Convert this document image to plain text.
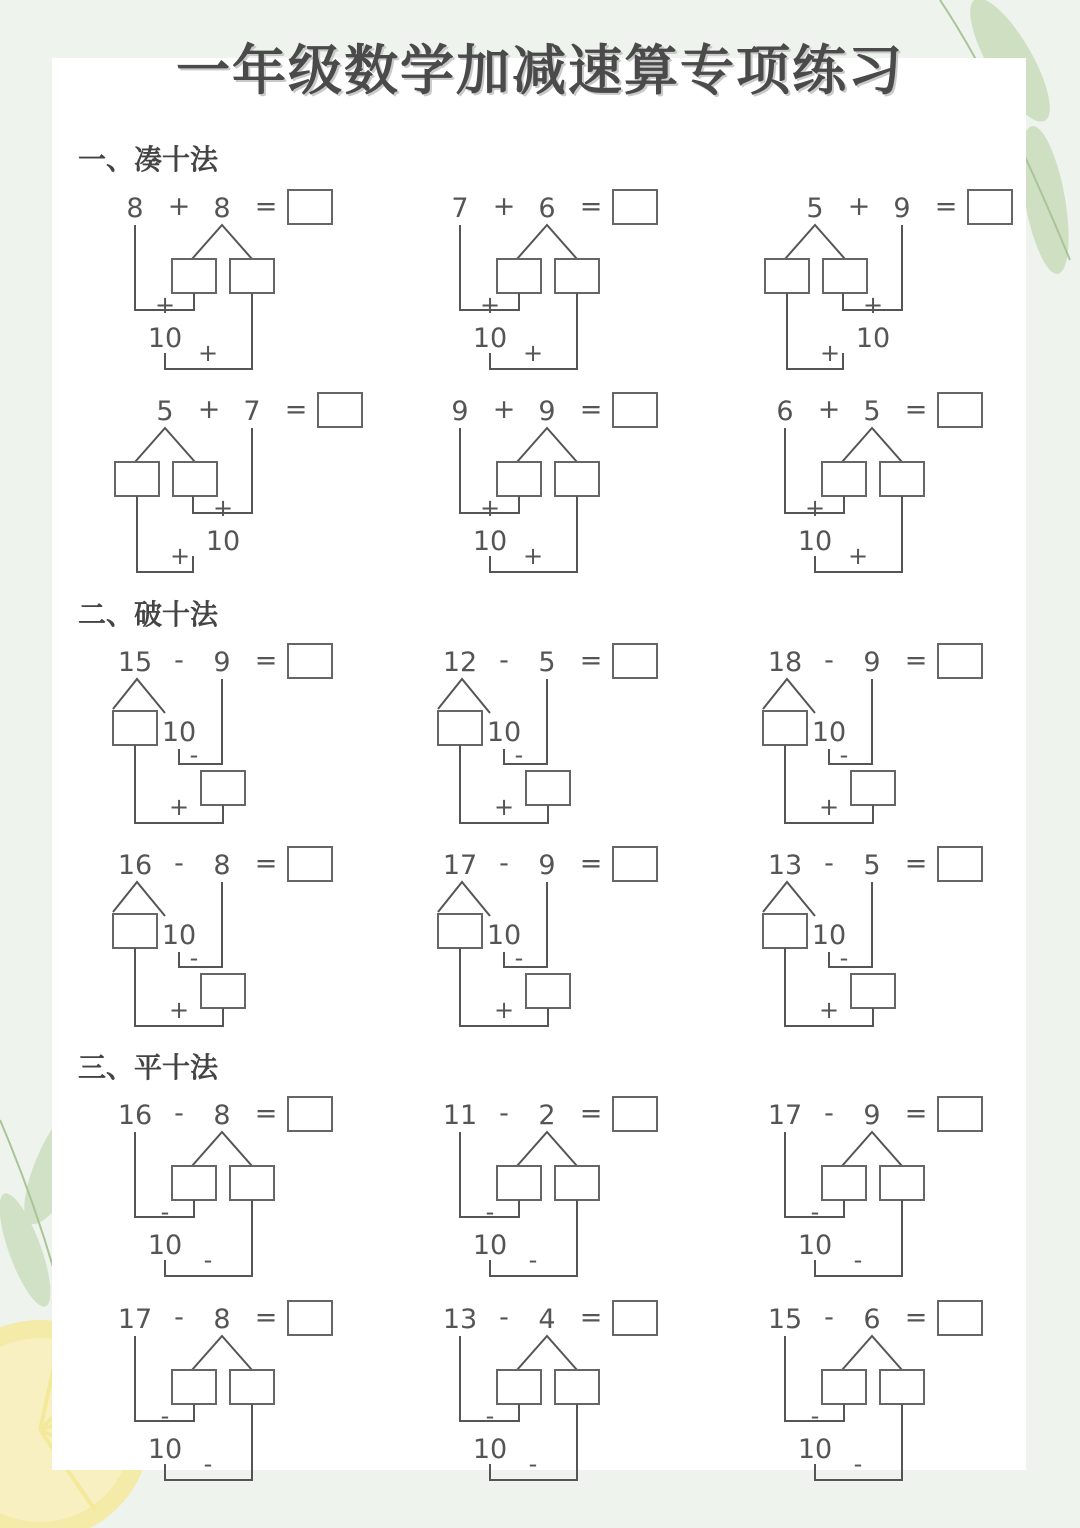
一年级数学加减速算专项练习
一、凑十法
二、破十法
三、平十法
8 + 8 =
+
10 +
7 + 6 =
+
10 +
5 + 9 =
+
10
+
5 + 7 =
+
10
+
9 + 9 =
+
10 +
6 + 5 =
+
10 +
15 - 9 =
10
-
+
12 - 5 =
10
-
+
18 - 9 =
10
-
+
16 - 8 =
10
-
+
17 - 9 =
10
-
+
13 - 5 =
10
-
+
16 - 8 =
-
10 -
11 - 2 =
-
10 -
17 - 9 =
-
10 -
17 - 8 =
-
10 -
13 - 4 =
-
10 -
15 - 6 =
-
10 -
